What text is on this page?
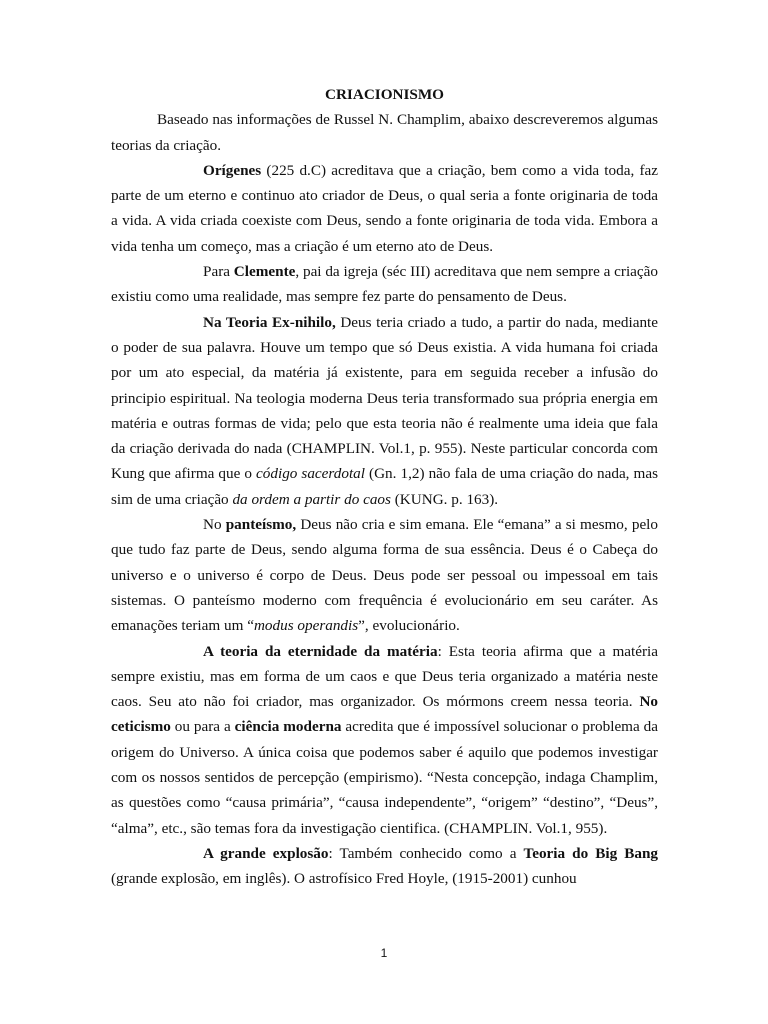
CRIACIONISMO

Baseado nas informações de Russel N. Champlim, abaixo descreveremos algumas teorias da criação.

Orígenes (225 d.C) acreditava que a criação, bem como a vida toda, faz parte de um eterno e continuo ato criador de Deus, o qual seria a fonte originaria de toda a vida. A vida criada coexiste com Deus, sendo a fonte originaria de toda vida. Embora a vida tenha um começo, mas a criação é um eterno ato de Deus.

Para Clemente, pai da igreja (séc III) acreditava que nem sempre a criação existiu como uma realidade, mas sempre fez parte do pensamento de Deus.

Na Teoria Ex-nihilo, Deus teria criado a tudo, a partir do nada, mediante o poder de sua palavra. Houve um tempo que só Deus existia. A vida humana foi criada por um ato especial, da matéria já existente, para em seguida receber a infusão do principio espiritual. Na teologia moderna Deus teria transformado sua própria energia em matéria e outras formas de vida; pelo que esta teoria não é realmente uma ideia que fala da criação derivada do nada (CHAMPLIN. Vol.1, p. 955). Neste particular concorda com Kung que afirma que o código sacerdotal (Gn. 1,2) não fala de uma criação do nada, mas sim de uma criação da ordem a partir do caos (KUNG. p. 163).

No panteísmo, Deus não cria e sim emana. Ele “emana” a si mesmo, pelo que tudo faz parte de Deus, sendo alguma forma de sua essência. Deus é o Cabeça do universo e o universo é corpo de Deus. Deus pode ser pessoal ou impessoal em tais sistemas. O panteísmo moderno com frequência é evolucionário em seu caráter. As emanações teriam um “modus operandis”, evolucionário.

A teoria da eternidade da matéria: Esta teoria afirma que a matéria sempre existiu, mas em forma de um caos e que Deus teria organizado a matéria neste caos. Seu ato não foi criador, mas organizador. Os mórmons creem nessa teoria. No ceticismo ou para a ciência moderna acredita que é impossível solucionar o problema da origem do Universo. A única coisa que podemos saber é aquilo que podemos investigar com os nossos sentidos de percepção (empirismo). “Nesta concepção, indaga Champlim, as questões como “causa primária”, “causa independente”, “origem” “destino”, “Deus”, “alma”, etc., são temas fora da investigação cientifica. (CHAMPLIN. Vol.1, 955).

A grande explosão: Também conhecido como a Teoria do Big Bang (grande explosão, em inglês). O astrofísico Fred Hoyle, (1915-2001) cunhou

1
